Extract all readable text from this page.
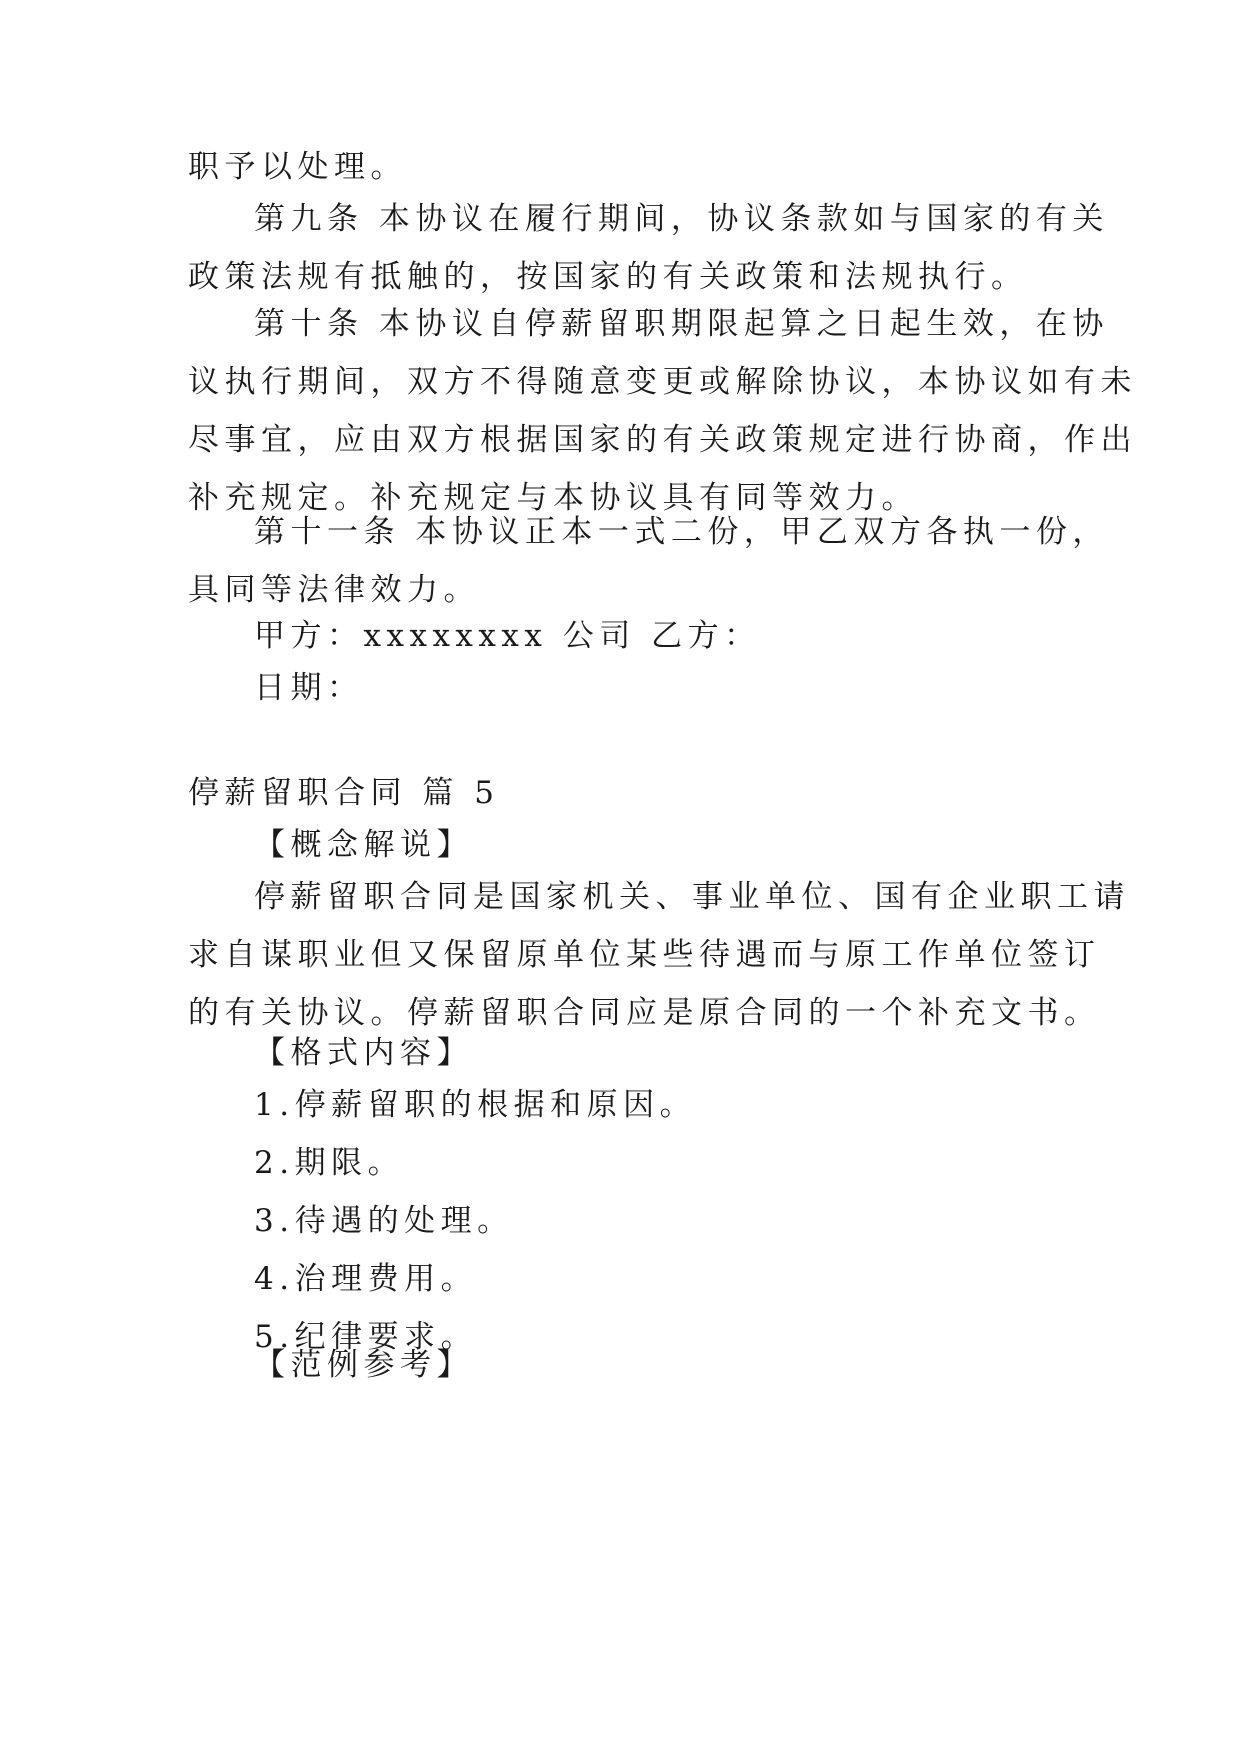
职予以处理。
第九条 本协议在履行期间，协议条款如与国家的有关
政策法规有抵触的，按国家的有关政策和法规执行。
第十条 本协议自停薪留职期限起算之日起生效，在协
议执行期间，双方不得随意变更或解除协议，本协议如有未
尽事宜，应由双方根据国家的有关政策规定进行协商，作出
补充规定。补充规定与本协议具有同等效力。
第十一条 本协议正本一式二份，甲乙双方各执一份，
具同等法律效力。
甲方：xxxxxxxx 公司 乙方：
日期：
停薪留职合同 篇 5
【概念解说】
停薪留职合同是国家机关、事业单位、国有企业职工请
求自谋职业但又保留原单位某些待遇而与原工作单位签订
的有关协议。停薪留职合同应是原合同的一个补充文书。
【格式内容】
1.停薪留职的根据和原因。
2.期限。
3.待遇的处理。
4.治理费用。
5.纪律要求。
【范例参考】
